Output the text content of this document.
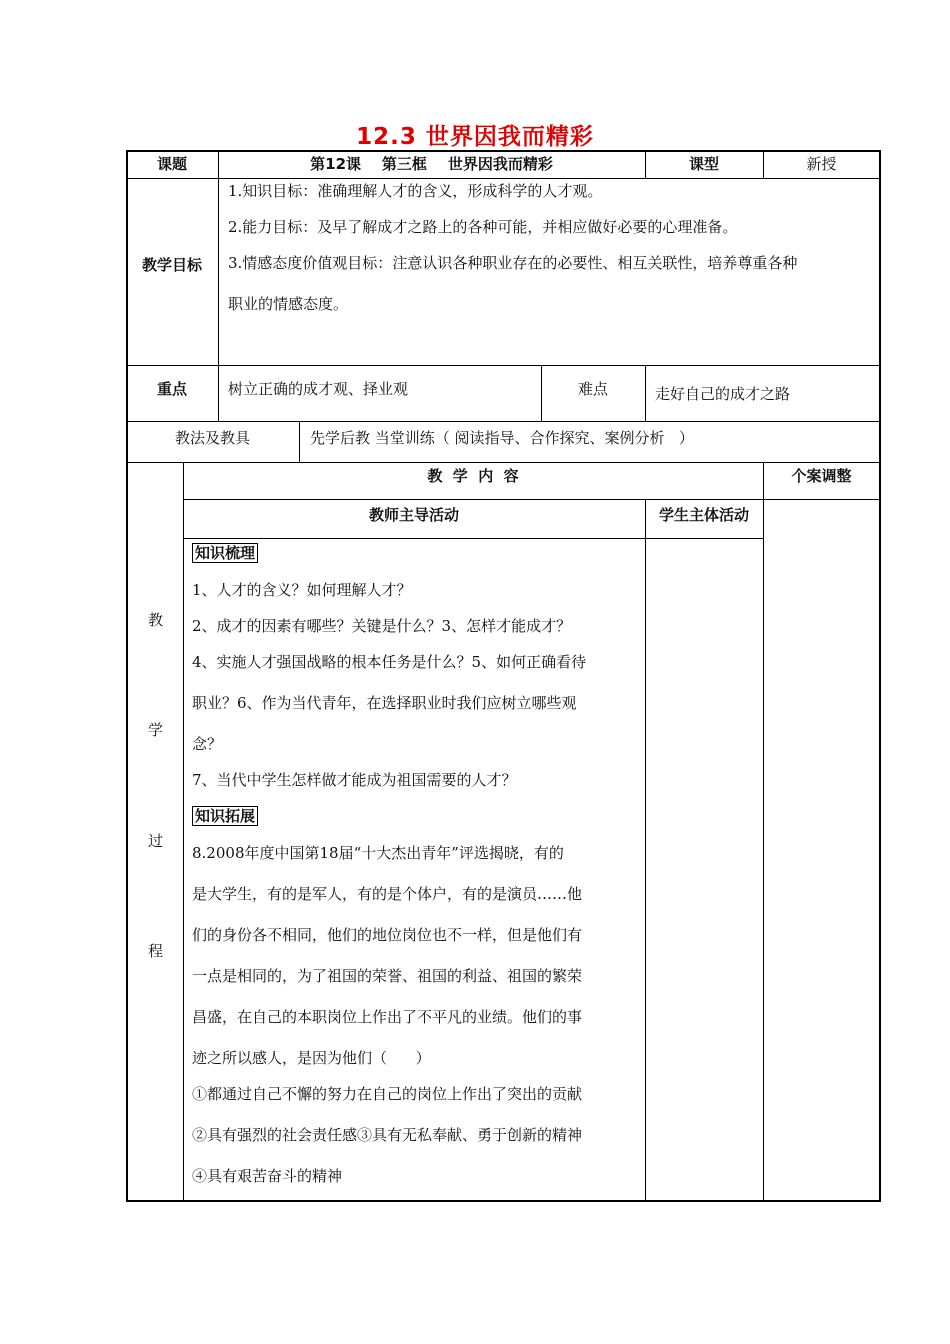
12.3 世界因我而精彩
课题	第12课    第三框    世界因我而精彩	课型	新授
教学目标
1.知识目标：准确理解人才的含义，形成科学的人才观。
2.能力目标：及早了解成才之路上的各种可能，并相应做好必要的心理准备。
3.情感态度价值观目标：注意认识各种职业存在的必要性、相互关联性，培养尊重各种
职业的情感态度。
重点	树立正确的成才观、择业观	难点	走好自己的成才之路
教法及教具	先学后教 当堂训练（ 阅读指导、合作探究、案例分析   ）
教
学
过
程
教  学  内  容	个案调整
教师主导活动	学生主体活动
知识梳理
1、人才的含义？如何理解人才？
2、成才的因素有哪些？关键是什么？3、怎样才能成才？
4、实施人才强国战略的根本任务是什么？5、如何正确看待
职业？6、作为当代青年，在选择职业时我们应树立哪些观
念？
7、当代中学生怎样做才能成为祖国需要的人才？
知识拓展
8.2008年度中国第18届“十大杰出青年”评选揭晓，有的
是大学生，有的是军人，有的是个体户，有的是演员……他
们的身份各不相同，他们的地位岗位也不一样，但是他们有
一点是相同的，为了祖国的荣誉、祖国的利益、祖国的繁荣
昌盛，在自己的本职岗位上作出了不平凡的业绩。他们的事
迹之所以感人，是因为他们（      ）
①都通过自己不懈的努力在自己的岗位上作出了突出的贡献
②具有强烈的社会责任感③具有无私奉献、勇于创新的精神
④具有艰苦奋斗的精神
